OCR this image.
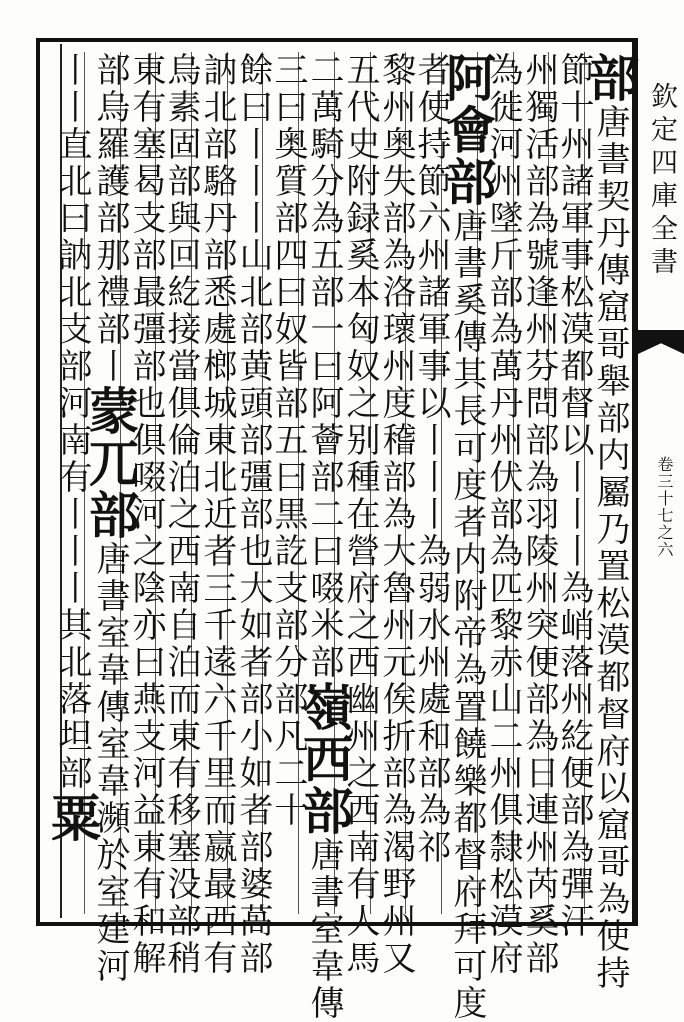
欽定四庫全書
卷三十七之六
部唐書契丹傳窟哥舉部内屬乃置松漠都督府以窟哥為使持
節十州諸軍事松漠都督以丨丨丨為峭落州紇便部為彈汗
州獨活部為號逢州芬問部為羽陵州突便部為日連州芮奚部
為徙河州墜斤部為萬丹州伏部為匹黎赤山二州俱隸松漠府
阿會部唐書奚傳其長可度者内附帝為置饒樂都督府拜可度
者使持節六州諸軍事以丨丨丨為弱水州處和部為祁
黎州奥失部為洛瓌州度稽部為大魯州元俟折部為渴野州又
五代史附録奚本匈奴之别種在營府之西幽州之西南有人馬
二萬騎分為五部一曰阿薈部二曰啜米部嶺西部唐書室韋傳
三曰奥質部四曰奴皆部五曰黒訖支部分部凡二十
餘曰丨丨丨山北部黄頭部彊部也大如者部小如者部婆萵部
訥北部駱丹部悉處榔城東北近者三千逺六千里而嬴最西有
烏素固部與回紇接當俱倫泊之西南自泊而東有移塞没部稍
東有塞曷支部最彊部也俱啜河之陰亦曰燕支河益東有和解
部烏羅護部那禮部丨蒙兀部唐書室韋傳室韋瀕於室建河
丨丨直北曰訥北支部河南有丨丨丨其北落坦部粟
